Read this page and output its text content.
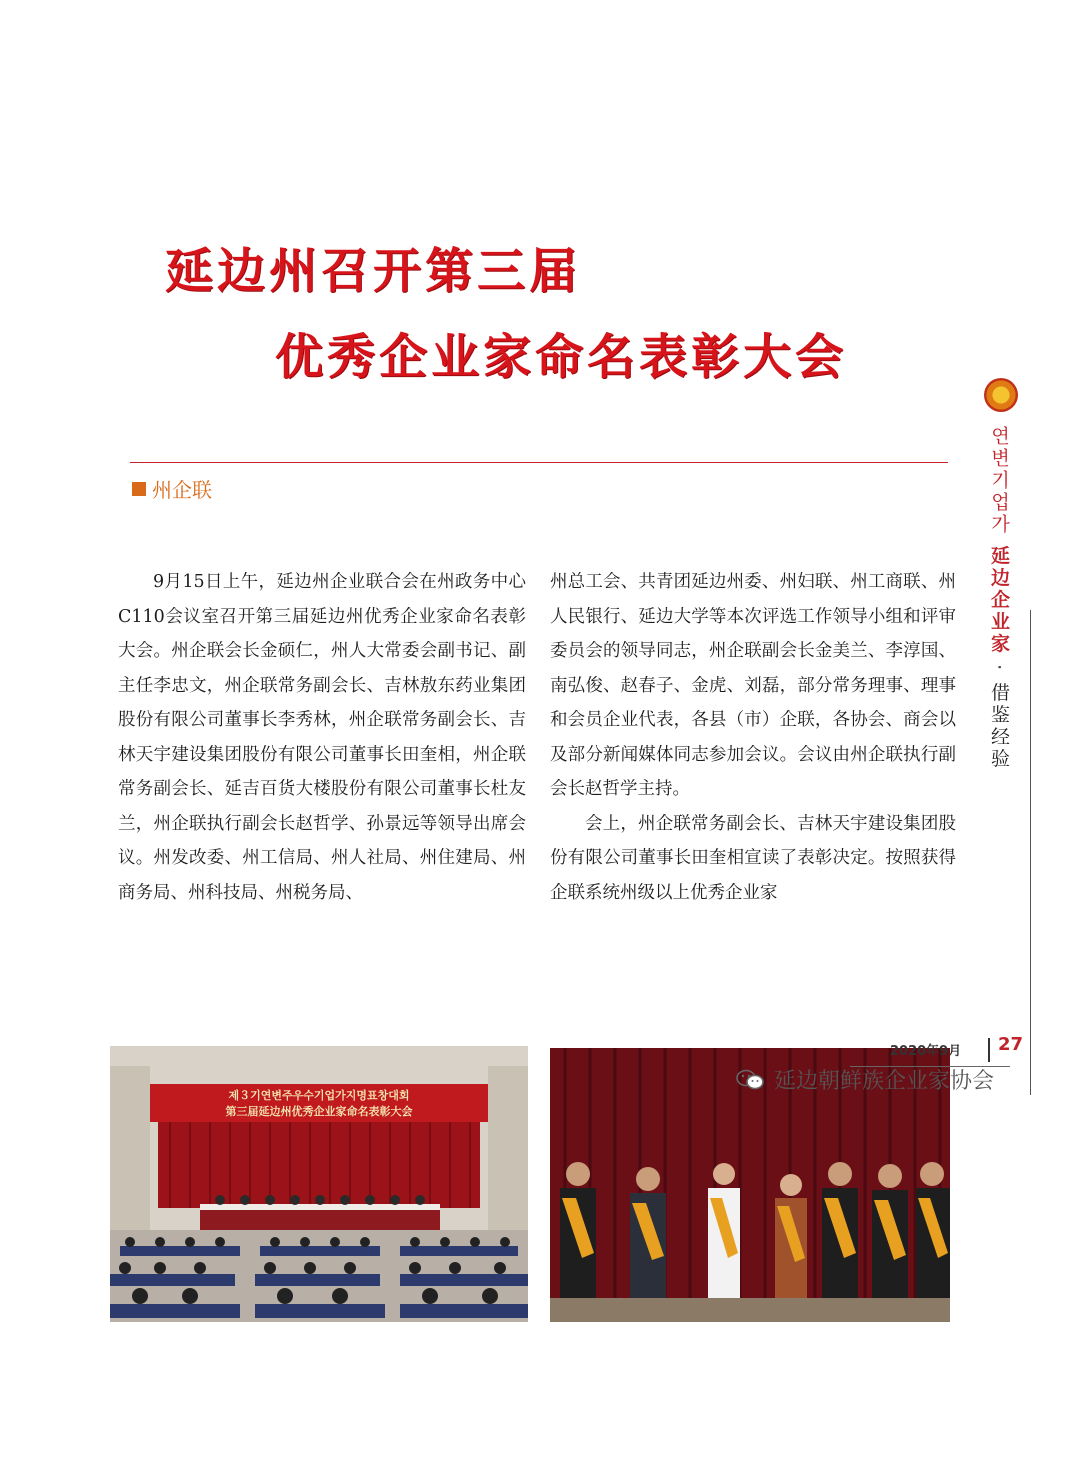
延边州召开第三届
优秀企业家命名表彰大会
州企联

9月15日上午，延边州企业联合会在州政务中心C110会议室召开第三届延边州优秀企业家命名表彰大会。州企联会长金硕仁，州人大常委会副书记、副主任李忠文，州企联常务副会长、吉林敖东药业集团股份有限公司董事长李秀林，州企联常务副会长、吉林天宇建设集团股份有限公司董事长田奎相，州企联常务副会长、延吉百货大楼股份有限公司董事长杜友兰，州企联执行副会长赵哲学、孙景远等领导出席会议。州发改委、州工信局、州人社局、州住建局、州商务局、州科技局、州税务局、

州总工会、共青团延边州委、州妇联、州工商联、州人民银行、延边大学等本次评选工作领导小组和评审委员会的领导同志，州企联副会长金美兰、李淳国、南弘俊、赵春子、金虎、刘磊，部分常务理事、理事和会员企业代表，各县（市）企联，各协会、商会以及部分新闻媒体同志参加会议。会议由州企联执行副会长赵哲学主持。

会上，州企联常务副会长、吉林天宇建设集团股份有限公司董事长田奎相宣读了表彰决定。按照获得企联系统州级以上优秀企业家

연변기업가 延边企业家 · 借鉴经验
제３기연변주우수기업가지명표창대회
第三届延边州优秀企业家命名表彰大会
2020年9月 27
延边朝鲜族企业家协会
